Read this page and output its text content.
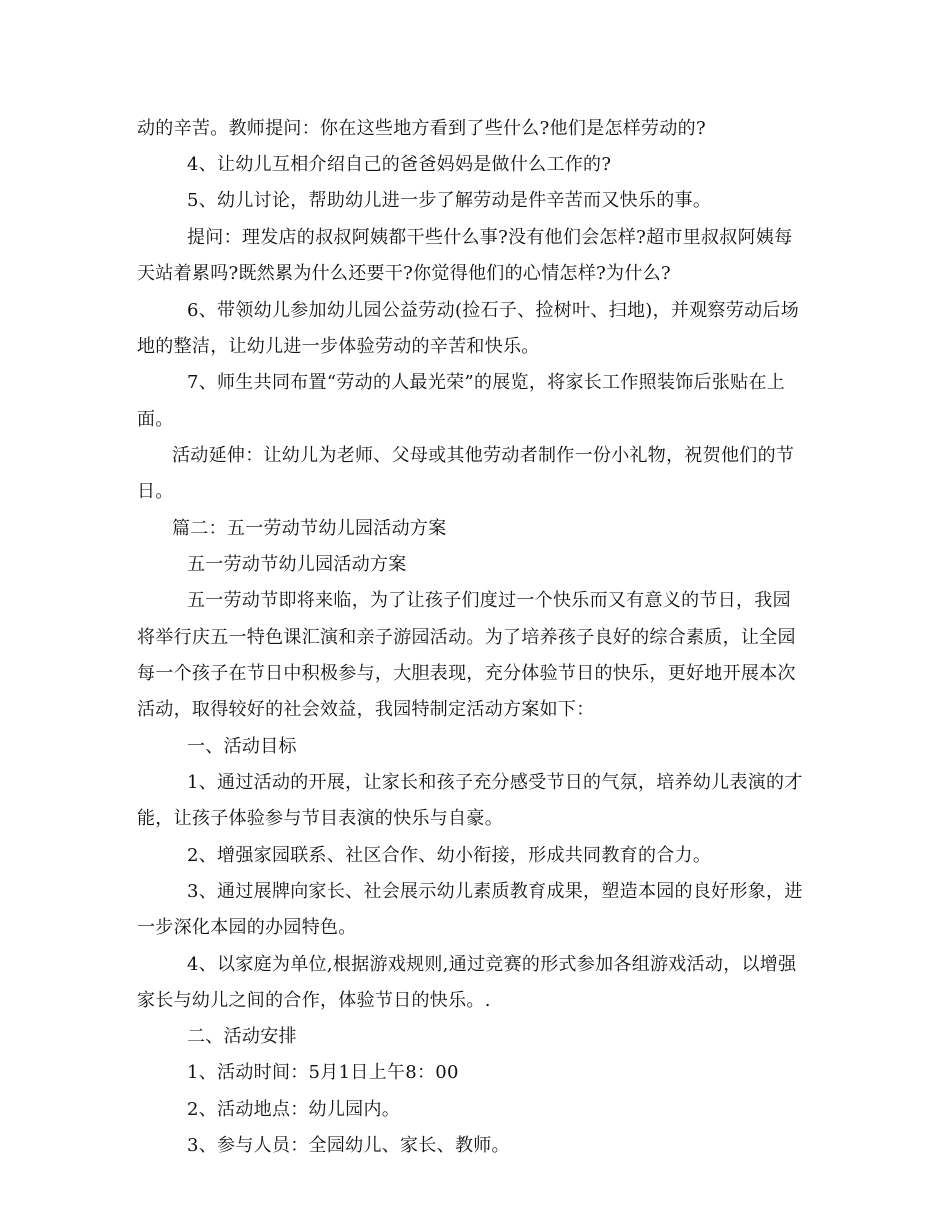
动的辛苦。教师提问：你在这些地方看到了些什么?他们是怎样劳动的?
4、让幼儿互相介绍自己的爸爸妈妈是做什么工作的?
5、幼儿讨论，帮助幼儿进一步了解劳动是件辛苦而又快乐的事。
提问：理发店的叔叔阿姨都干些什么事?没有他们会怎样?超市里叔叔阿姨每
天站着累吗?既然累为什么还要干?你觉得他们的心情怎样?为什么?
6、带领幼儿参加幼儿园公益劳动(捡石子、捡树叶、扫地)，并观察劳动后场
地的整洁，让幼儿进一步体验劳动的辛苦和快乐。
7、师生共同布置“劳动的人最光荣”的展览，将家长工作照装饰后张贴在上
面。
活动延伸：让幼儿为老师、父母或其他劳动者制作一份小礼物，祝贺他们的节
日。
篇二：五一劳动节幼儿园活动方案
五一劳动节幼儿园活动方案
五一劳动节即将来临，为了让孩子们度过一个快乐而又有意义的节日，我园
将举行庆五一特色课汇演和亲子游园活动。为了培养孩子良好的综合素质，让全园
每一个孩子在节日中积极参与，大胆表现，充分体验节日的快乐，更好地开展本次
活动，取得较好的社会效益，我园特制定活动方案如下：
一、活动目标
1、通过活动的开展，让家长和孩子充分感受节日的气氛，培养幼儿表演的才
能，让孩子体验参与节目表演的快乐与自豪。
2、增强家园联系、社区合作、幼小衔接，形成共同教育的合力。
3、通过展牌向家长、社会展示幼儿素质教育成果，塑造本园的良好形象，进
一步深化本园的办园特色。
4、以家庭为单位,根据游戏规则,通过竞赛的形式参加各组游戏活动，以增强
家长与幼儿之间的合作，体验节日的快乐。.
二、活动安排
1、活动时间：5月1日上午8：00
2、活动地点：幼儿园内。
3、参与人员：全园幼儿、家长、教师。
